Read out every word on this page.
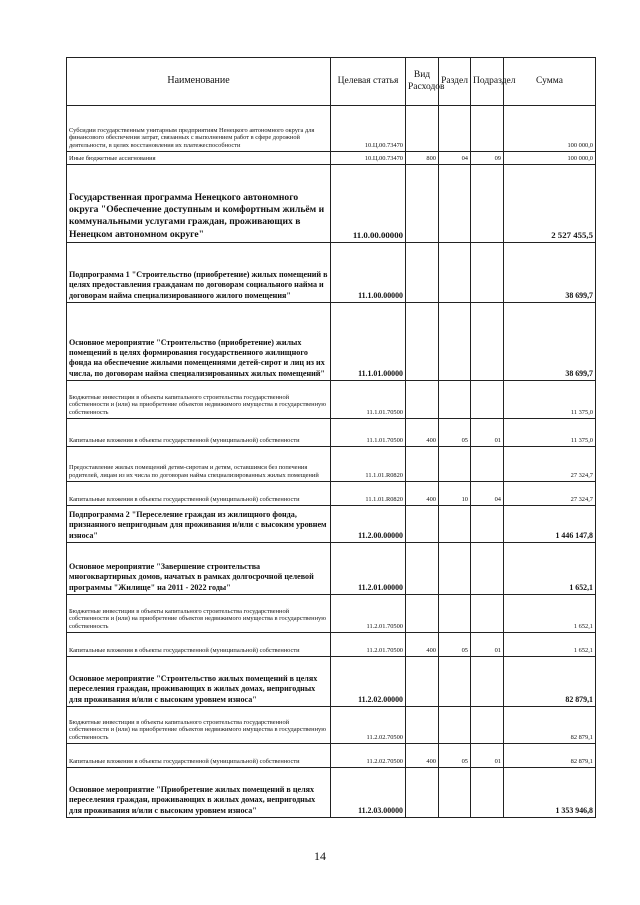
Наименование	Целевая статья	Вид Расходов	Раздел	Подраздел	Сумма
Субсидии государственным унитарным предприятиям Ненецкого автономного округа для финансового обеспечения затрат, связанных с выполнением работ в сфере дорожной деятельности, в целях восстановления их платежеспособности	10.Ц.00.73470				100 000,0
Иные бюджетные ассигнования	10.Ц.00.73470	800	04	09	100 000,0
Государственная программа Ненецкого автономного округа "Обеспечение доступным и комфортным жильём и коммунальными услугами граждан, проживающих в Ненецком автономном округе"	11.0.00.00000				2 527 455,5
Подпрограмма 1 "Строительство (приобретение) жилых помещений в целях предоставления гражданам по договорам социального найма и договорам найма специализированного жилого помещения"	11.1.00.00000				38 699,7
Основное мероприятие "Строительство (приобретение) жилых помещений в целях формирования государственного жилищного фонда на обеспечение жилыми помещениями детей-сирот и лиц из их числа, по договорам найма специализированных жилых помещений"	11.1.01.00000				38 699,7
Бюджетные инвестиции в объекты капитального строительства государственной собственности и (или) на приобретение объектов недвижимого имущества в государственную собственность	11.1.01.70500				11 375,0
Капитальные вложения в объекты государственной (муниципальной) собственности	11.1.01.70500	400	05	01	11 375,0
Предоставление жилых помещений детям-сиротам и детям, оставшимся без попечения родителей, лицам из их числа по договорам найма специализированных жилых помещений	11.1.01.R0820				27 324,7
Капитальные вложения в объекты государственной (муниципальной) собственности	11.1.01.R0820	400	10	04	27 324,7
Подпрограмма 2 "Переселение граждан из жилищного фонда, признанного непригодным для проживания и/или с высоким уровнем износа"	11.2.00.00000				1 446 147,8
Основное мероприятие "Завершение строительства многоквартирных домов, начатых в рамках долгосрочной целевой программы "Жилище" на 2011 - 2022 годы"	11.2.01.00000				1 652,1
Бюджетные инвестиции в объекты капитального строительства государственной собственности и (или) на приобретение объектов недвижимого имущества в государственную собственность	11.2.01.70500				1 652,1
Капитальные вложения в объекты государственной (муниципальной) собственности	11.2.01.70500	400	05	01	1 652,1
Основное мероприятие "Строительство жилых помещений в целях переселения граждан, проживающих в жилых домах, непригодных для проживания и/или с высоким уровнем износа"	11.2.02.00000				82 879,1
Бюджетные инвестиции в объекты капитального строительства государственной собственности и (или) на приобретение объектов недвижимого имущества в государственную собственность	11.2.02.70500				82 879,1
Капитальные вложения в объекты государственной (муниципальной) собственности	11.2.02.70500	400	05	01	82 879,1
Основное мероприятие "Приобретение жилых помещений в целях переселения граждан, проживающих в жилых домах, непригодных для проживания и/или с высоким уровнем износа"	11.2.03.00000				1 353 946,8
14
